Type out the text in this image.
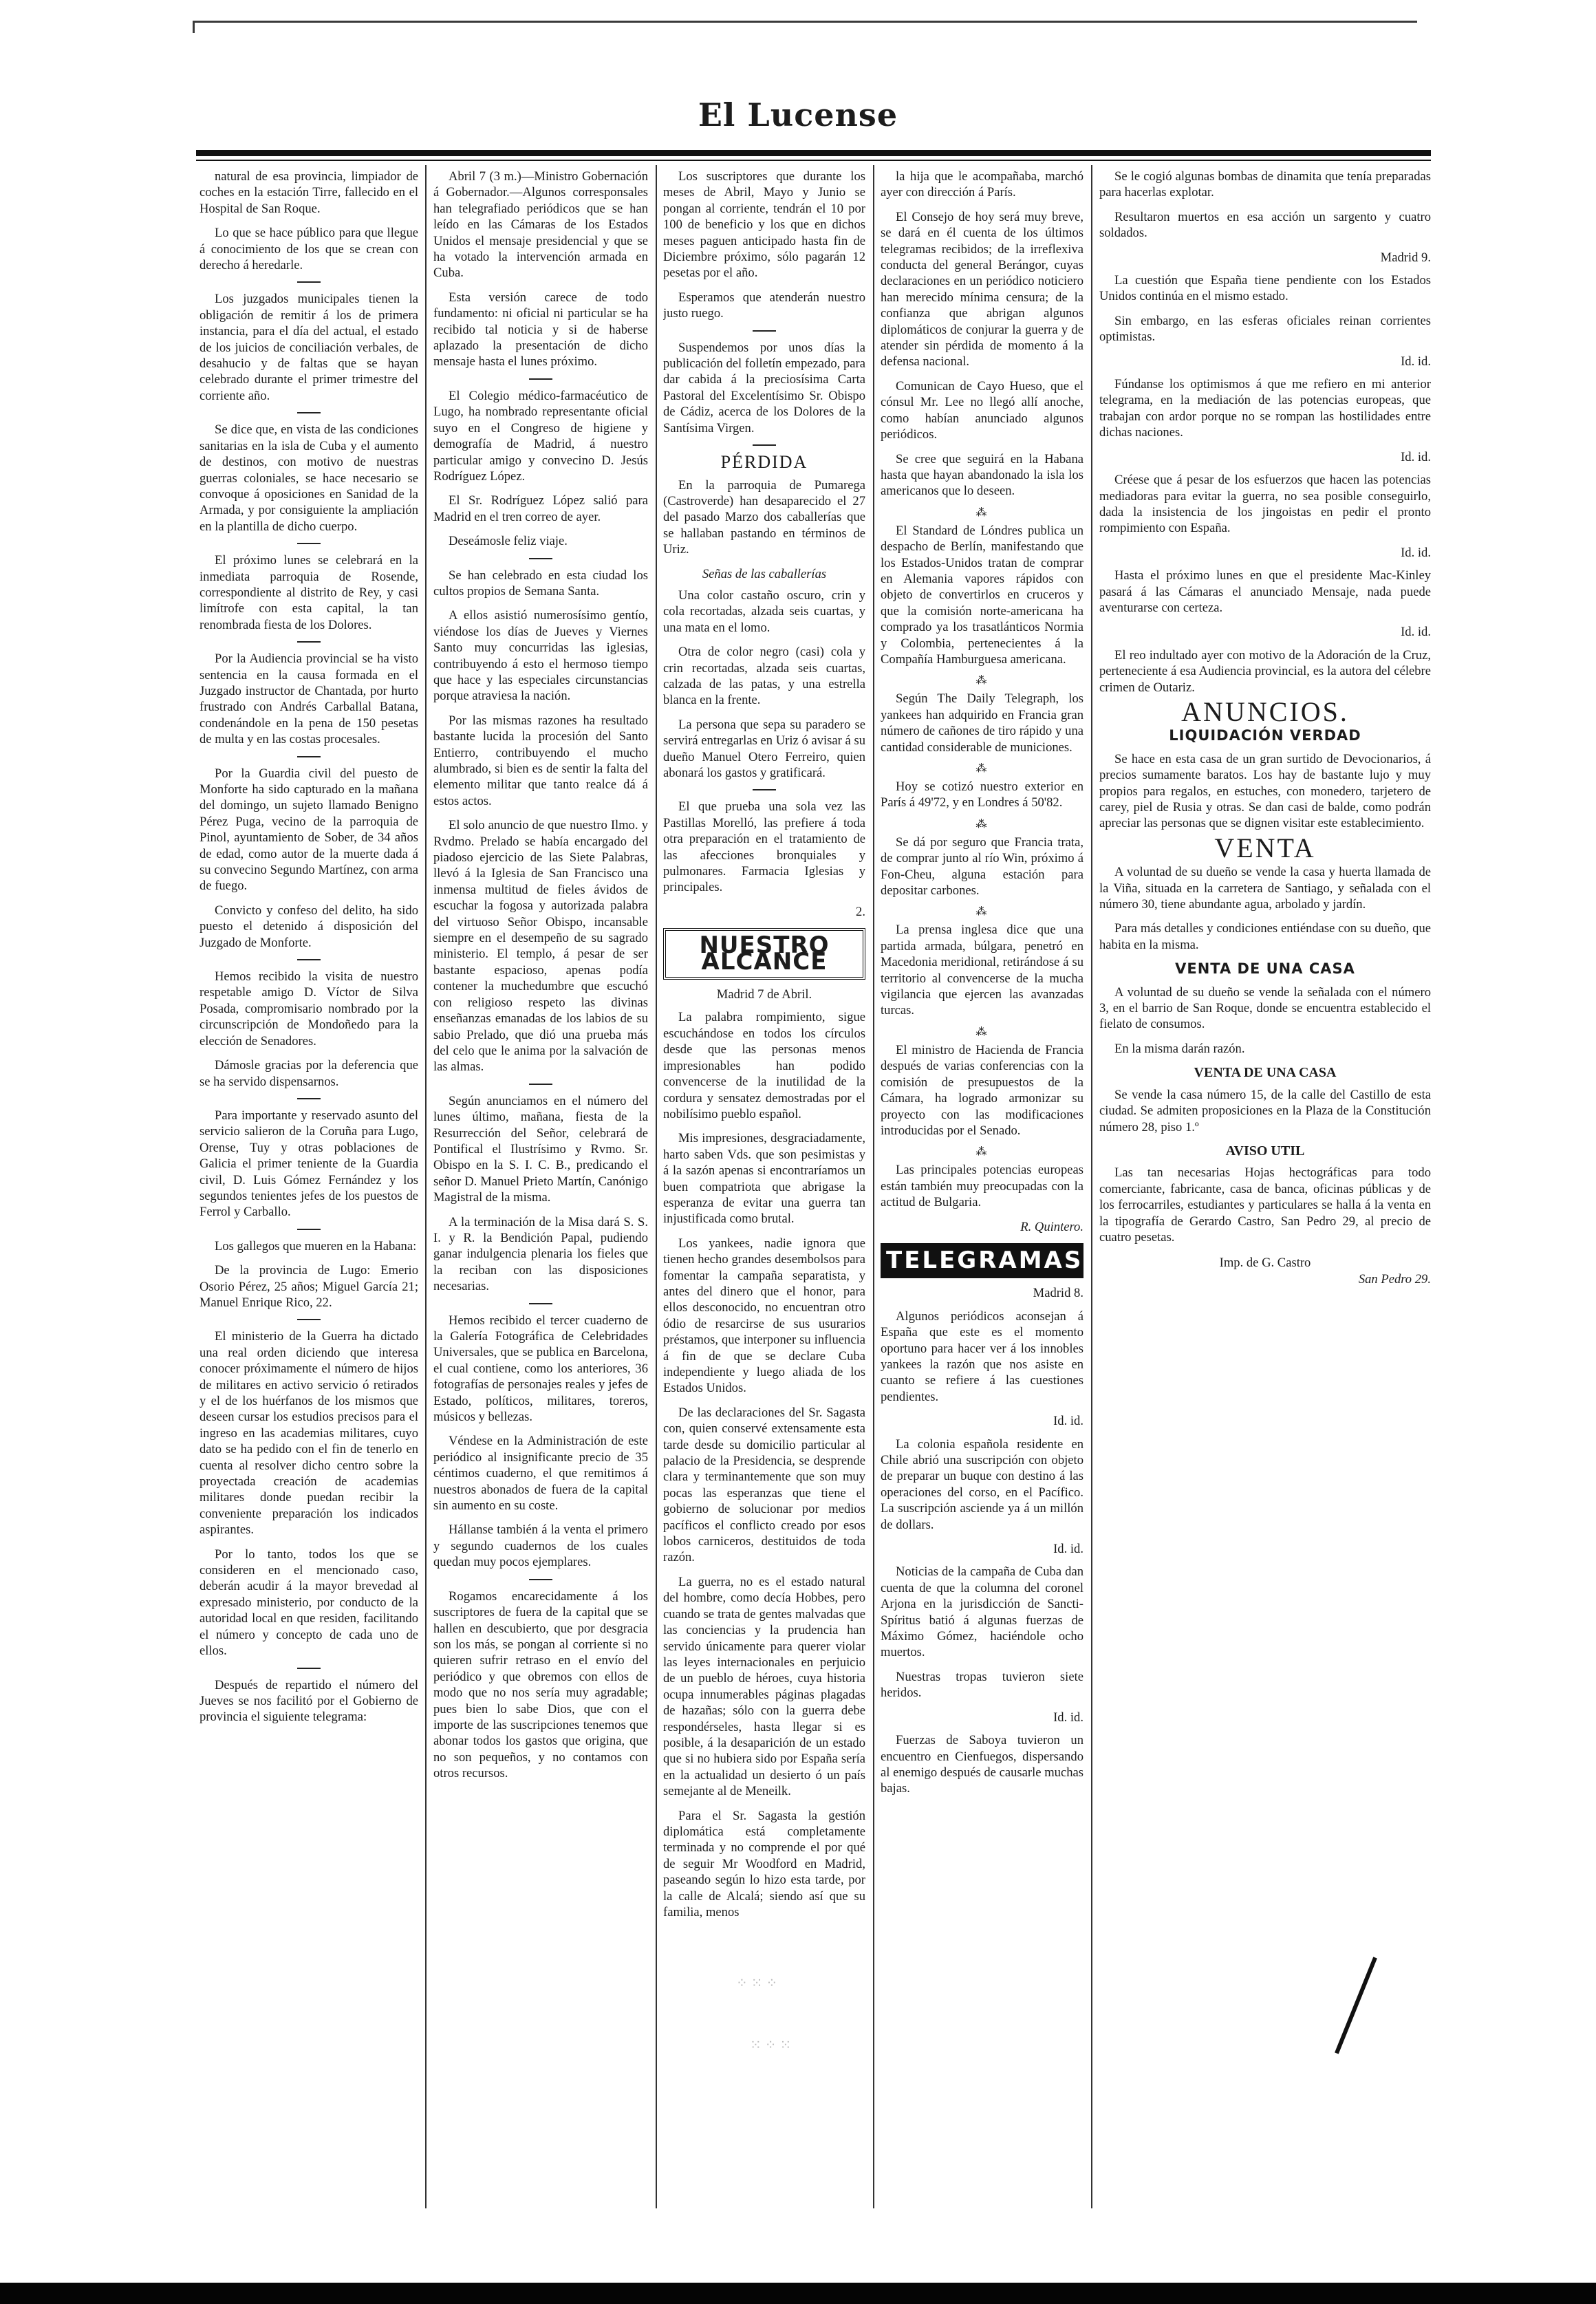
El Lucense

natural de esa provincia, limpiador de coches en la estación Tirre, fallecido en el Hospital de San Roque.

Lo que se hace público para que llegue á conocimiento de los que se crean con derecho á heredarle.

Los juzgados municipales tienen la obligación de remitir á los de primera instancia, para el día del actual, el estado de los juicios de conciliación verbales, de desahucio y de faltas que se hayan celebrado durante el primer trimestre del corriente año.

Se dice que, en vista de las condiciones sanitarias en la isla de Cuba y el aumento de destinos, con motivo de nuestras guerras coloniales, se hace necesario se convoque á oposiciones en Sanidad de la Armada, y por consiguiente la ampliación en la plantilla de dicho cuerpo.

El próximo lunes se celebrará en la inmediata parroquia de Rosende, correspondiente al distrito de Rey, y casi limítrofe con esta capital, la tan renombrada fiesta de los Dolores.

Por la Audiencia provincial se ha visto sentencia en la causa formada en el Juzgado instructor de Chantada, por hurto frustrado con Andrés Carballal Batana, condenándole en la pena de 150 pesetas de multa y en las costas procesales.

Por la Guardia civil del puesto de Monforte ha sido capturado en la mañana del domingo, un sujeto llamado Benigno Pérez Puga, vecino de la parroquia de Pinol, ayuntamiento de Sober, de 34 años de edad, como autor de la muerte dada á su convecino Segundo Martínez, con arma de fuego.

Convicto y confeso del delito, ha sido puesto el detenido á disposición del Juzgado de Monforte.

Hemos recibido la visita de nuestro respetable amigo D. Víctor de Silva Posada, compromisario nombrado por la circunscripción de Mondoñedo para la elección de Senadores.

Dámosle gracias por la deferencia que se ha servido dispensarnos.

Para importante y reservado asunto del servicio salieron de la Coruña para Lugo, Orense, Tuy y otras poblaciones de Galicia el primer teniente de la Guardia civil, D. Luis Gómez Fernández y los segundos tenientes jefes de los puestos de Ferrol y Carballo.

Los gallegos que mueren en la Habana:

De la provincia de Lugo: Emerio Osorio Pérez, 25 años; Miguel García 21; Manuel Enrique Rico, 22.

El ministerio de la Guerra ha dictado una real orden diciendo que interesa conocer próximamente el número de hijos de militares en activo servicio ó retirados y el de los huérfanos de los mismos que deseen cursar los estudios precisos para el ingreso en las academias militares, cuyo dato se ha pedido con el fin de tenerlo en cuenta al resolver dicho centro sobre la proyectada creación de academias militares donde puedan recibir la conveniente preparación los indicados aspirantes.

Por lo tanto, todos los que se consideren en el mencionado caso, deberán acudir á la mayor brevedad al expresado ministerio, por conducto de la autoridad local en que residen, facilitando el número y concepto de cada uno de ellos.

Después de repartido el número del Jueves se nos facilitó por el Gobierno de provincia el siguiente telegrama:

Abril 7 (3 m.)—Ministro Gobernación á Gobernador.—Algunos corresponsales han telegrafiado periódicos que se han leído en las Cámaras de los Estados Unidos el mensaje presidencial y que se ha votado la intervención armada en Cuba.

Esta versión carece de todo fundamento: ni oficial ni particular se ha recibido tal noticia y si de haberse aplazado la presentación de dicho mensaje hasta el lunes próximo.

El Colegio médico-farmacéutico de Lugo, ha nombrado representante oficial suyo en el Congreso de higiene y demografía de Madrid, á nuestro particular amigo y convecino D. Jesús Rodríguez López.

El Sr. Rodríguez López salió para Madrid en el tren correo de ayer.

Deseámosle feliz viaje.

Se han celebrado en esta ciudad los cultos propios de Semana Santa.

A ellos asistió numerosísimo gentío, viéndose los días de Jueves y Viernes Santo muy concurridas las iglesias, contribuyendo á esto el hermoso tiempo que hace y las especiales circunstancias porque atraviesa la nación.

Por las mismas razones ha resultado bastante lucida la procesión del Santo Entierro, contribuyendo el mucho alumbrado, si bien es de sentir la falta del elemento militar que tanto realce dá á estos actos.

El solo anuncio de que nuestro Ilmo. y Rvdmo. Prelado se había encargado del piadoso ejercicio de las Siete Palabras, llevó á la Iglesia de San Francisco una inmensa multitud de fieles ávidos de escuchar la fogosa y autorizada palabra del virtuoso Señor Obispo, incansable siempre en el desempeño de su sagrado ministerio. El templo, á pesar de ser bastante espacioso, apenas podía contener la muchedumbre que escuchó con religioso respeto las divinas enseñanzas emanadas de los labios de su sabio Prelado, que dió una prueba más del celo que le anima por la salvación de las almas.

Según anunciamos en el número del lunes último, mañana, fiesta de la Resurrección del Señor, celebrará de Pontifical el Ilustrísimo y Rvmo. Sr. Obispo en la S. I. C. B., predicando el señor D. Manuel Prieto Martín, Canónigo Magistral de la misma.

A la terminación de la Misa dará S. S. I. y R. la Bendición Papal, pudiendo ganar indulgencia plenaria los fieles que la reciban con las disposiciones necesarias.

Hemos recibido el tercer cuaderno de la Galería Fotográfica de Celebridades Universales, que se publica en Barcelona, el cual contiene, como los anteriores, 36 fotografías de personajes reales y jefes de Estado, políticos, militares, toreros, músicos y bellezas.

Véndese en la Administración de este periódico al insignificante precio de 35 céntimos cuaderno, el que remitimos á nuestros abonados de fuera de la capital sin aumento en su coste.

Hállanse también á la venta el primero y segundo cuadernos de los cuales quedan muy pocos ejemplares.

Rogamos encarecidamente á los suscriptores de fuera de la capital que se hallen en descubierto, que por desgracia son los más, se pongan al corriente si no quieren sufrir retraso en el envío del periódico y que obremos con ellos de modo que no nos sería muy agradable; pues bien lo sabe Dios, que con el importe de las suscripciones tenemos que abonar todos los gastos que origina, que no son pequeños, y no contamos con otros recursos.

Los suscriptores que durante los meses de Abril, Mayo y Junio se pongan al corriente, tendrán el 10 por 100 de beneficio y los que en dichos meses paguen anticipado hasta fin de Diciembre próximo, sólo pagarán 12 pesetas por el año.

Esperamos que atenderán nuestro justo ruego.

Suspendemos por unos días la publicación del folletín empezado, para dar cabida á la preciosísima Carta Pastoral del Excelentísimo Sr. Obispo de Cádiz, acerca de los Dolores de la Santísima Virgen.

PÉRDIDA

En la parroquia de Pumarega (Castroverde) han desaparecido el 27 del pasado Marzo dos caballerías que se hallaban pastando en términos de Uriz.

Señas de las caballerías

Una color castaño oscuro, crin y cola recortadas, alzada seis cuartas, y una mata en el lomo.

Otra de color negro (casi) cola y crin recortadas, alzada seis cuartas, calzada de las patas, y una estrella blanca en la frente.

La persona que sepa su paradero se servirá entregarlas en Uriz ó avisar á su dueño Manuel Otero Ferreiro, quien abonará los gastos y gratificará.

El que prueba una sola vez las Pastillas Morelló, las prefiere á toda otra preparación en el tratamiento de las afecciones bronquiales y pulmonares. Farmacia Iglesias y principales.

2.
NUESTRO ALCANCE
Madrid 7 de Abril.

La palabra rompimiento, sigue escuchándose en todos los círculos desde que las personas menos impresionables han podido convencerse de la inutilidad de la cordura y sensatez demostradas por el nobilísimo pueblo español.

Mis impresiones, desgraciadamente, harto saben Vds. que son pesimistas y á la sazón apenas si encontraríamos un buen compatriota que abrigase la esperanza de evitar una guerra tan injustificada como brutal.

Los yankees, nadie ignora que tienen hecho grandes desembolsos para fomentar la campaña separatista, y antes del dinero que el honor, para ellos desconocido, no encuentran otro ódio de resarcirse de sus usurarios préstamos, que interponer su influencia á fin de que se declare Cuba independiente y luego aliada de los Estados Unidos.

De las declaraciones del Sr. Sagasta con, quien conservé extensamente esta tarde desde su domicilio particular al palacio de la Presidencia, se desprende clara y terminantemente que son muy pocas las esperanzas que tiene el gobierno de solucionar por medios pacíficos el conflicto creado por esos lobos carniceros, destituidos de toda razón.

La guerra, no es el estado natural del hombre, como decía Hobbes, pero cuando se trata de gentes malvadas que las conciencias y la prudencia han servido únicamente para querer violar las leyes internacionales en perjuicio de un pueblo de héroes, cuya historia ocupa innumerables páginas plagadas de hazañas; sólo con la guerra debe respondérseles, hasta llegar si es posible, á la desaparición de un estado que si no hubiera sido por España sería en la actualidad un desierto ó un país semejante al de Meneilk.

Para el Sr. Sagasta la gestión diplomática está completamente terminada y no comprende el por qué de seguir Mr Woodford en Madrid, paseando según lo hizo esta tarde, por la calle de Alcalá; siendo así que su familia, menos

la hija que le acompañaba, marchó ayer con dirección á París.

El Consejo de hoy será muy breve, se dará en él cuenta de los últimos telegramas recibidos; de la irreflexiva conducta del general Berángor, cuyas declaraciones en un periódico noticiero han merecido mínima censura; de la confianza que abrigan algunos diplomáticos de conjurar la guerra y de atender sin pérdida de momento á la defensa nacional.

Comunican de Cayo Hueso, que el cónsul Mr. Lee no llegó allí anoche, como habían anunciado algunos periódicos.

Se cree que seguirá en la Habana hasta que hayan abandonado la isla los americanos que lo deseen.

⁂

El Standard de Lóndres publica un despacho de Berlín, manifestando que los Estados-Unidos tratan de comprar en Alemania vapores rápidos con objeto de convertirlos en cruceros y que la comisión norte-americana ha comprado ya los trasatlánticos Normia y Colombia, pertenecientes á la Compañía Hamburguesa americana.

⁂

Según The Daily Telegraph, los yankees han adquirido en Francia gran número de cañones de tiro rápido y una cantidad considerable de municiones.

⁂

Hoy se cotizó nuestro exterior en París á 49'72, y en Londres á 50'82.

⁂

Se dá por seguro que Francia trata, de comprar junto al río Win, próximo á Fon-Cheu, alguna estación para depositar carbones.

⁂

La prensa inglesa dice que una partida armada, búlgara, penetró en Macedonia meridional, retirándose á su territorio al convencerse de la mucha vigilancia que ejercen las avanzadas turcas.

⁂

El ministro de Hacienda de Francia después de varias conferencias con la comisión de presupuestos de la Cámara, ha logrado armonizar su proyecto con las modificaciones introducidas por el Senado.

⁂

Las principales potencias europeas están también muy preocupadas con la actitud de Bulgaria.

R. Quintero.
TELEGRAMAS
Madrid 8.

Algunos periódicos aconsejan á España que este es el momento oportuno para hacer ver á los innobles yankees la razón que nos asiste en cuanto se refiere á las cuestiones pendientes.

Id. id.

La colonia española residente en Chile abrió una suscripción con objeto de preparar un buque con destino á las operaciones del corso, en el Pacífico. La suscripción asciende ya á un millón de dollars.

Id. id.

Noticias de la campaña de Cuba dan cuenta de que la columna del coronel Arjona en la jurisdicción de Sancti-Spíritus batió á algunas fuerzas de Máximo Gómez, haciéndole ocho muertos.

Nuestras tropas tuvieron siete heridos.

Id. id.

Fuerzas de Saboya tuvieron un encuentro en Cienfuegos, dispersando al enemigo después de causarle muchas bajas.

Se le cogió algunas bombas de dinamita que tenía preparadas para hacerlas explotar.

Resultaron muertos en esa acción un sargento y cuatro soldados.

Madrid 9.

La cuestión que España tiene pendiente con los Estados Unidos continúa en el mismo estado.

Sin embargo, en las esferas oficiales reinan corrientes optimistas.

Id. id.

Fúndanse los optimismos á que me refiero en mi anterior telegrama, en la mediación de las potencias europeas, que trabajan con ardor porque no se rompan las hostilidades entre dichas naciones.

Id. id.

Créese que á pesar de los esfuerzos que hacen las potencias mediadoras para evitar la guerra, no sea posible conseguirlo, dada la insistencia de los jingoistas en pedir el pronto rompimiento con España.

Id. id.

Hasta el próximo lunes en que el presidente Mac-Kinley pasará á las Cámaras el anunciado Mensaje, nada puede aventurarse con certeza.

Id. id.

El reo indultado ayer con motivo de la Adoración de la Cruz, perteneciente á esa Audiencia provincial, es la autora del célebre crimen de Outariz.

ANUNCIOS.
LIQUIDACIÓN VERDAD

Se hace en esta casa de un gran surtido de Devocionarios, á precios sumamente baratos. Los hay de bastante lujo y muy propios para regalos, en estuches, con monedero, tarjetero de carey, piel de Rusia y otras. Se dan casi de balde, como podrán apreciar las personas que se dignen visitar este establecimiento.

VENTA

A voluntad de su dueño se vende la casa y huerta llamada de la Viña, situada en la carretera de Santiago, y señalada con el número 30, tiene abundante agua, arbolado y jardín.

Para más detalles y condiciones entiéndase con su dueño, que habita en la misma.

VENTA DE UNA CASA

A voluntad de su dueño se vende la señalada con el número 3, en el barrio de San Roque, donde se encuentra establecido el fielato de consumos.

En la misma darán razón.

VENTA DE UNA CASA

Se vende la casa número 15, de la calle del Castillo de esta ciudad. Se admiten proposiciones en la Plaza de la Constitución número 28, piso 1.º

AVISO UTIL

Las tan necesarias Hojas hectográficas para todo comerciante, fabricante, casa de banca, oficinas públicas y de los ferrocarriles, estudiantes y particulares se halla á la venta en la tipografía de Gerardo Castro, San Pedro 29, al precio de cuatro pesetas.

Imp. de G. Castro
San Pedro 29.
⁘ ⁙ ⁘
⁙ ⁘ ⁙
